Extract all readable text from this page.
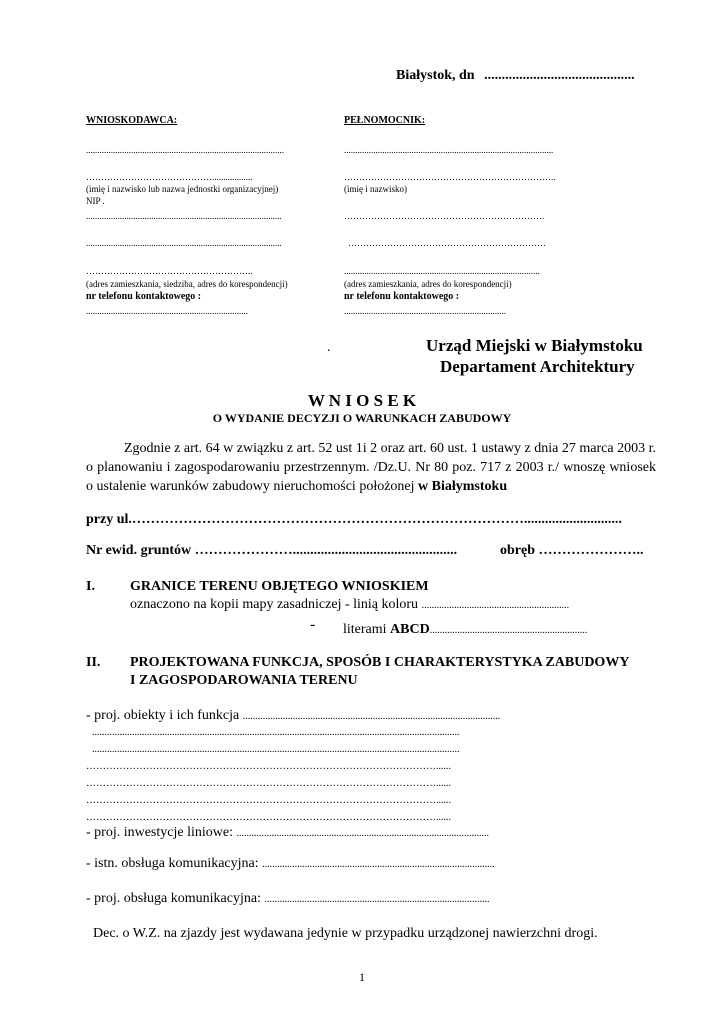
Białystok, dn ...........................................
WNIOSKODAWCA:
........................................................................................
……………………………………..................
(imię i nazwisko lub nazwa jednostki organizacyjnej)
NIP .
.......................................................................................
.......................................................................................
………………………………………………..
(adres zamieszkania, siedziba, adres do korespondencji)
nr telefonu kontaktowego :
........................................................................
PEŁNOMOCNIK:
.............................................................................................
……………………………………………………………..
(imię i nazwisko)
………………………………………………………….
…………………………………………………………
.......................................................................................
(adres zamieszkania, adres do korespondencji)
nr telefonu kontaktowego :
........................................................................
.	Urząd Miejski w Białymstoku
Departament Architektury
W N I O S E K
O WYDANIE DECYZJI O WARUNKACH ZABUDOWY
Zgodnie z art. 64 w związku z art. 52 ust 1i 2 oraz art. 60 ust. 1 ustawy z dnia 27 marca 2003 r. o planowaniu i zagospodarowaniu przestrzennym. /Dz.U. Nr 80 poz. 717 z 2003 r./ wnoszę wniosek o ustalenie warunków zabudowy nieruchomości położonej w Białymstoku
przy ul.…………………………………………………………………………............................
Nr ewid. gruntów …………………...............................................	obręb …………………..
I.	GRANICE TERENU OBJĘTEGO WNIOSKIEM
oznaczono na kopii mapy zasadniczej - linią koloru ...........................................................
- literami ABCD...............................................................
II. PROJEKTOWANA FUNKCJA, SPOSÓB I CHARAKTERYSTYKA ZABUDOWY
I ZAGOSPODAROWANIA TERENU
- proj. obiekty i ich funkcja .......................................................................................................
...................................................................................................................................................
...................................................................................................................................................
……………………………………………………………………………………………......
……………………………………………………………………………………………......
……………………………………………………………………………………………......
……………………………………………………………………………………………......
- proj. inwestycje liniowe: .....................................................................................................
- istn. obsługa komunikacyjna: .............................................................................................
- proj. obsługa komunikacyjna: ..........................................................................................
Dec. o W.Z. na zjazdy jest wydawana jedynie w przypadku urządzonej nawierzchni drogi.
1
